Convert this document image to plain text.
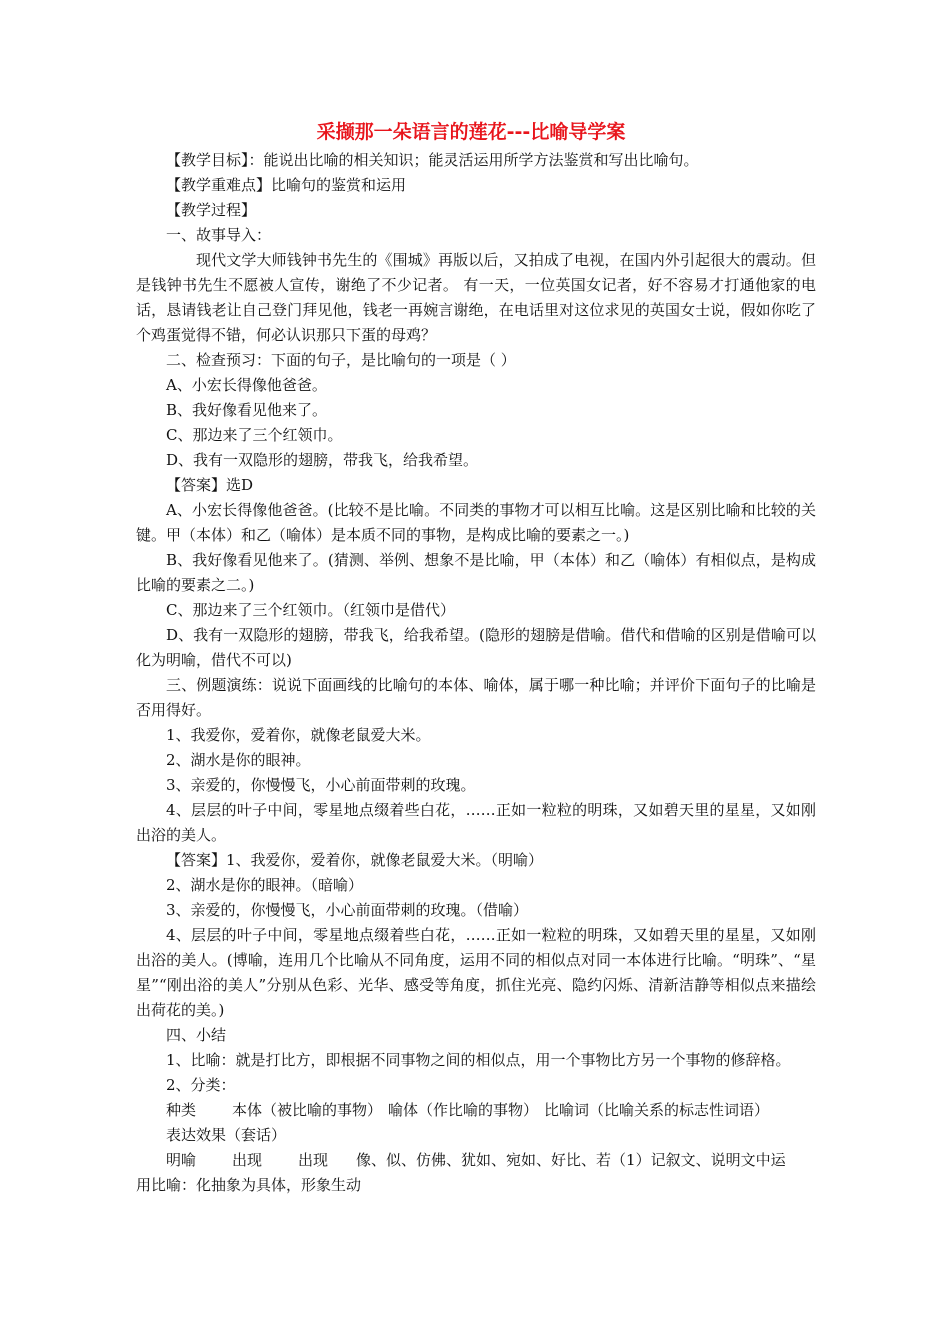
采撷那一朵语言的莲花---比喻导学案

【教学目标】：能说出比喻的相关知识；能灵活运用所学方法鉴赏和写出比喻句。

【教学重难点】比喻句的鉴赏和运用

【教学过程】

一、故事导入：

现代文学大师钱钟书先生的《围城》再版以后，又拍成了电视，在国内外引起很大的震动。但是钱钟书先生不愿被人宣传，谢绝了不少记者。 有一天，一位英国女记者，好不容易才打通他家的电话，恳请钱老让自己登门拜见他，钱老一再婉言谢绝，在电话里对这位求见的英国女士说，假如你吃了个鸡蛋觉得不错，何必认识那只下蛋的母鸡？

二、检查预习：下面的句子，是比喻句的一项是（ ）

A、小宏长得像他爸爸。

B、我好像看见他来了。

C、那边来了三个红领巾。

D、我有一双隐形的翅膀，带我飞，给我希望。

【答案】选D

A、小宏长得像他爸爸。(比较不是比喻。不同类的事物才可以相互比喻。这是区别比喻和比较的关键。甲（本体）和乙（喻体）是本质不同的事物，是构成比喻的要素之一。)

B、我好像看见他来了。(猜测、举例、想象不是比喻，甲（本体）和乙（喻体）有相似点，是构成比喻的要素之二。)

C、那边来了三个红领巾。（红领巾是借代）

D、我有一双隐形的翅膀，带我飞，给我希望。(隐形的翅膀是借喻。借代和借喻的区别是借喻可以化为明喻，借代不可以)

三、例题演练：说说下面画线的比喻句的本体、喻体，属于哪一种比喻；并评价下面句子的比喻是否用得好。

1、我爱你，爱着你，就像老鼠爱大米。

2、湖水是你的眼神。

3、亲爱的，你慢慢飞，小心前面带刺的玫瑰。

4、层层的叶子中间，零星地点缀着些白花，……正如一粒粒的明珠，又如碧天里的星星，又如刚出浴的美人。

【答案】1、我爱你，爱着你，就像老鼠爱大米。（明喻）

2、湖水是你的眼神。（暗喻）

3、亲爱的，你慢慢飞，小心前面带刺的玫瑰。（借喻）

4、层层的叶子中间，零星地点缀着些白花，……正如一粒粒的明珠，又如碧天里的星星，又如刚出浴的美人。(博喻，连用几个比喻从不同角度，运用不同的相似点对同一本体进行比喻。“明珠”、“星星”“刚出浴的美人”分别从色彩、光华、感受等角度，抓住光亮、隐约闪烁、清新洁静等相似点来描绘出荷花的美。)

四、小结

1、比喻：就是打比方，即根据不同事物之间的相似点，用一个事物比方另一个事物的修辞格。

2、分类：

种类 本体（被比喻的事物） 喻体（作比喻的事物） 比喻词（比喻关系的标志性词语）

表达效果（套话）

明喻 出现 出现 像、似、仿佛、犹如、宛如、好比、若（1）记叙文、说明文中运

用比喻：化抽象为具体，形象生动
